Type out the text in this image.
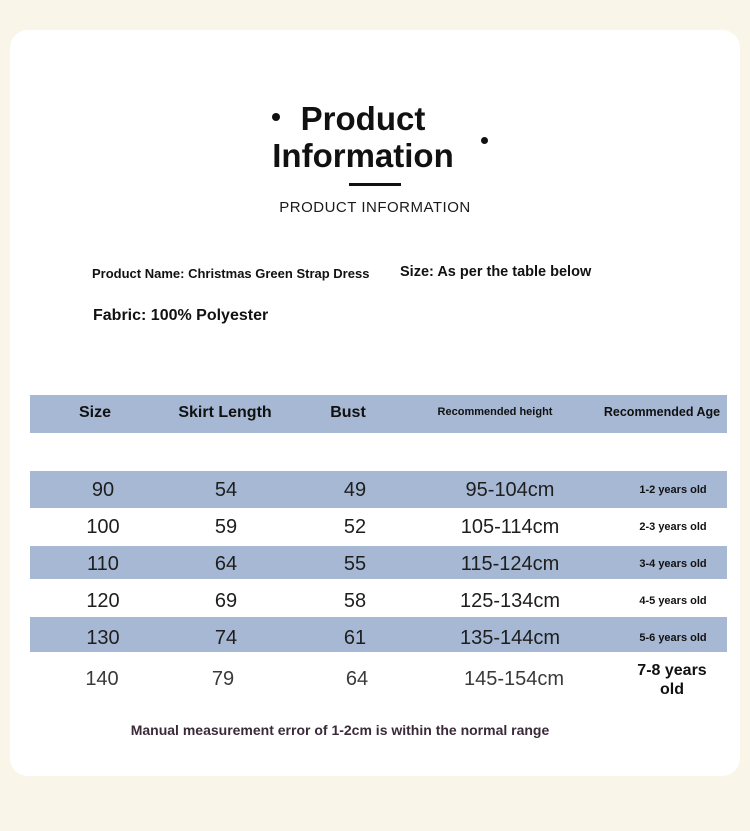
Product Information
PRODUCT INFORMATION
Product Name: Christmas Green Strap Dress Size: As per the table below
Fabric: 100% Polyester
Size	Skirt Length	Bust	Recommended height	Recommended Age
90	54	49	95-104cm	1-2 years old
100	59	52	105-114cm	2-3 years old
110	64	55	115-124cm	3-4 years old
120	69	58	125-134cm	4-5 years old
130	74	61	135-144cm	5-6 years old
140	79	64	145-154cm	7-8 years old
Manual measurement error of 1-2cm is within the normal range
